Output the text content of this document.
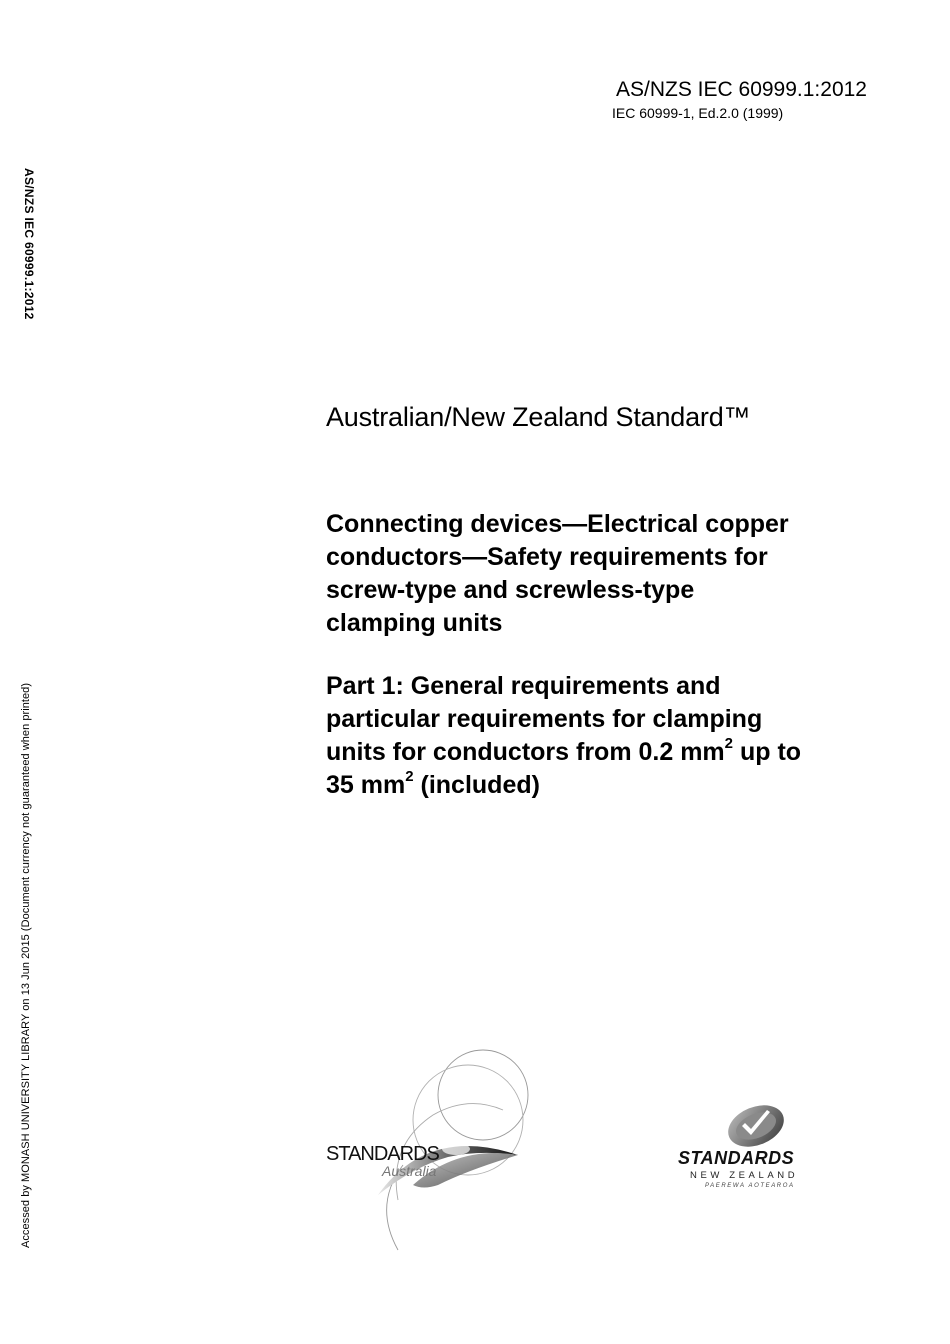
AS/NZS IEC 60999.1:2012
IEC 60999-1, Ed.2.0 (1999)
AS/NZS IEC 60999.1:2012
Accessed by MONASH UNIVERSITY LIBRARY on 13 Jun 2015 (Document currency not guaranteed when printed)
Australian/New Zealand Standard™
Connecting devices—Electrical copper
conductors—Safety requirements for
screw-type and screwless-type
clamping units
Part 1: General requirements and
particular requirements for clamping
units for conductors from 0.2 $mm^2$ up to
35 $mm^2$ (included)
STANDARDS
Australia
STANDARDS
NEW ZEALAND
PAEREWA AOTEAROA
